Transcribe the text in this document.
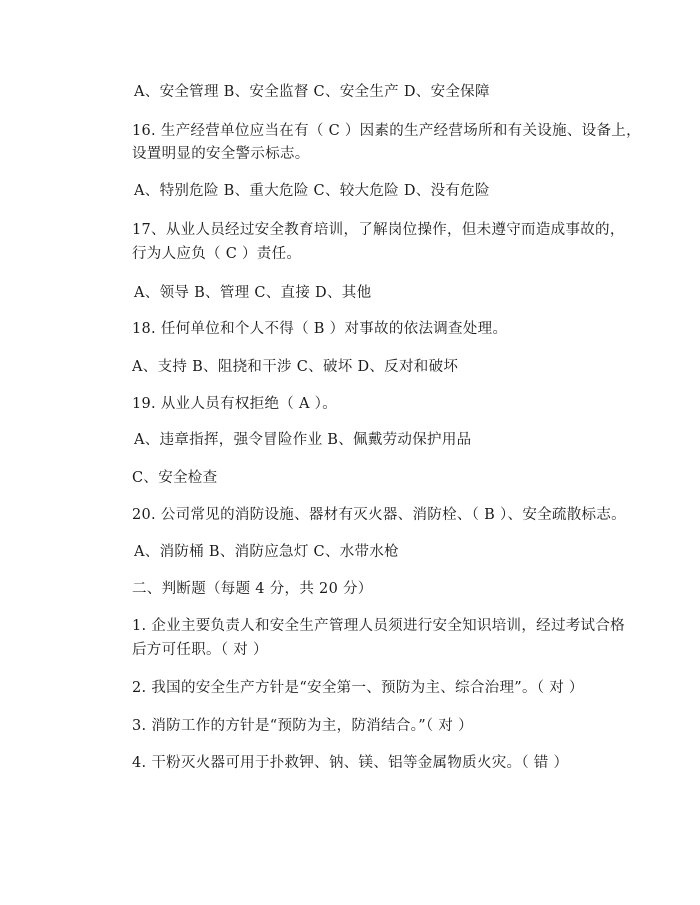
A、安全管理 B、安全监督 C、安全生产 D、安全保障
16. 生产经营单位应当在有（ C ）因素的生产经营场所和有关设施、设备上，
设置明显的安全警示标志。
A、特别危险 B、重大危险 C、较大危险 D、没有危险
17、从业人员经过安全教育培训，了解岗位操作，但未遵守而造成事故的，
行为人应负（ C ）责任。
A、领导 B、管理 C、直接 D、其他
18. 任何单位和个人不得（ B ）对事故的依法调查处理。
A、支持 B、阻挠和干涉 C、破坏 D、反对和破坏
19. 从业人员有权拒绝（ A ）。
A、违章指挥，强令冒险作业 B、佩戴劳动保护用品
C、安全检查
20. 公司常见的消防设施、器材有灭火器、消防栓、（ B ）、安全疏散标志。
A、消防桶 B、消防应急灯 C、水带水枪
二、判断题（每题 4 分，共 20 分）
1. 企业主要负责人和安全生产管理人员须进行安全知识培训，经过考试合格
后方可任职。（ 对 ）
2. 我国的安全生产方针是“安全第一、预防为主、综合治理”。（ 对 ）
3. 消防工作的方针是“预防为主，防消结合。”（ 对 ）
4. 干粉灭火器可用于扑救钾、钠、镁、铝等金属物质火灾。（ 错 ）
